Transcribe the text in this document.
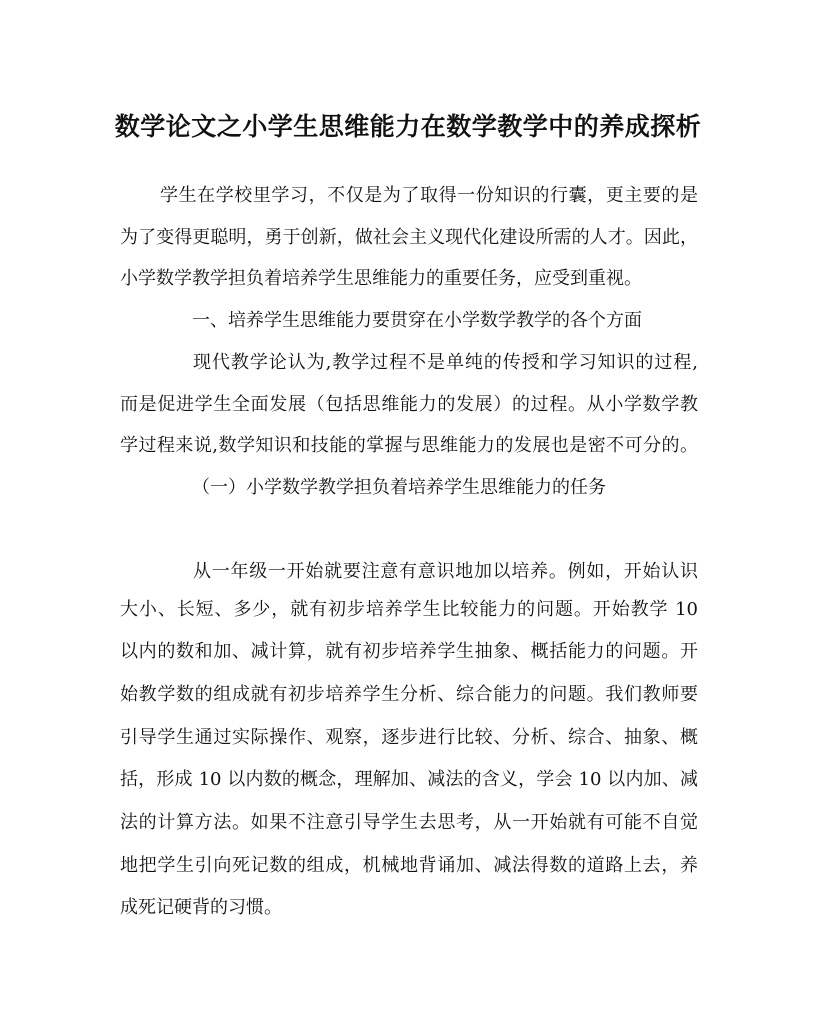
数学论文之小学生思维能力在数学教学中的养成探析
学生在学校里学习，不仅是为了取得一份知识的行囊，更主要的是
为了变得更聪明，勇于创新，做社会主义现代化建设所需的人才。因此，
小学数学教学担负着培养学生思维能力的重要任务，应受到重视。
一、培养学生思维能力要贯穿在小学数学教学的各个方面
现代教学论认为,教学过程不是单纯的传授和学习知识的过程,
而是促进学生全面发展（包括思维能力的发展）的过程。从小学数学教
学过程来说,数学知识和技能的掌握与思维能力的发展也是密不可分的。
（一）小学数学教学担负着培养学生思维能力的任务
从一年级一开始就要注意有意识地加以培养。例如，开始认识
大小、长短、多少，就有初步培养学生比较能力的问题。开始教学 10
以内的数和加、减计算，就有初步培养学生抽象、概括能力的问题。开
始教学数的组成就有初步培养学生分析、综合能力的问题。我们教师要
引导学生通过实际操作、观察，逐步进行比较、分析、综合、抽象、概
括，形成 10 以内数的概念，理解加、减法的含义，学会 10 以内加、减
法的计算方法。如果不注意引导学生去思考，从一开始就有可能不自觉
地把学生引向死记数的组成，机械地背诵加、减法得数的道路上去，养
成死记硬背的习惯。
